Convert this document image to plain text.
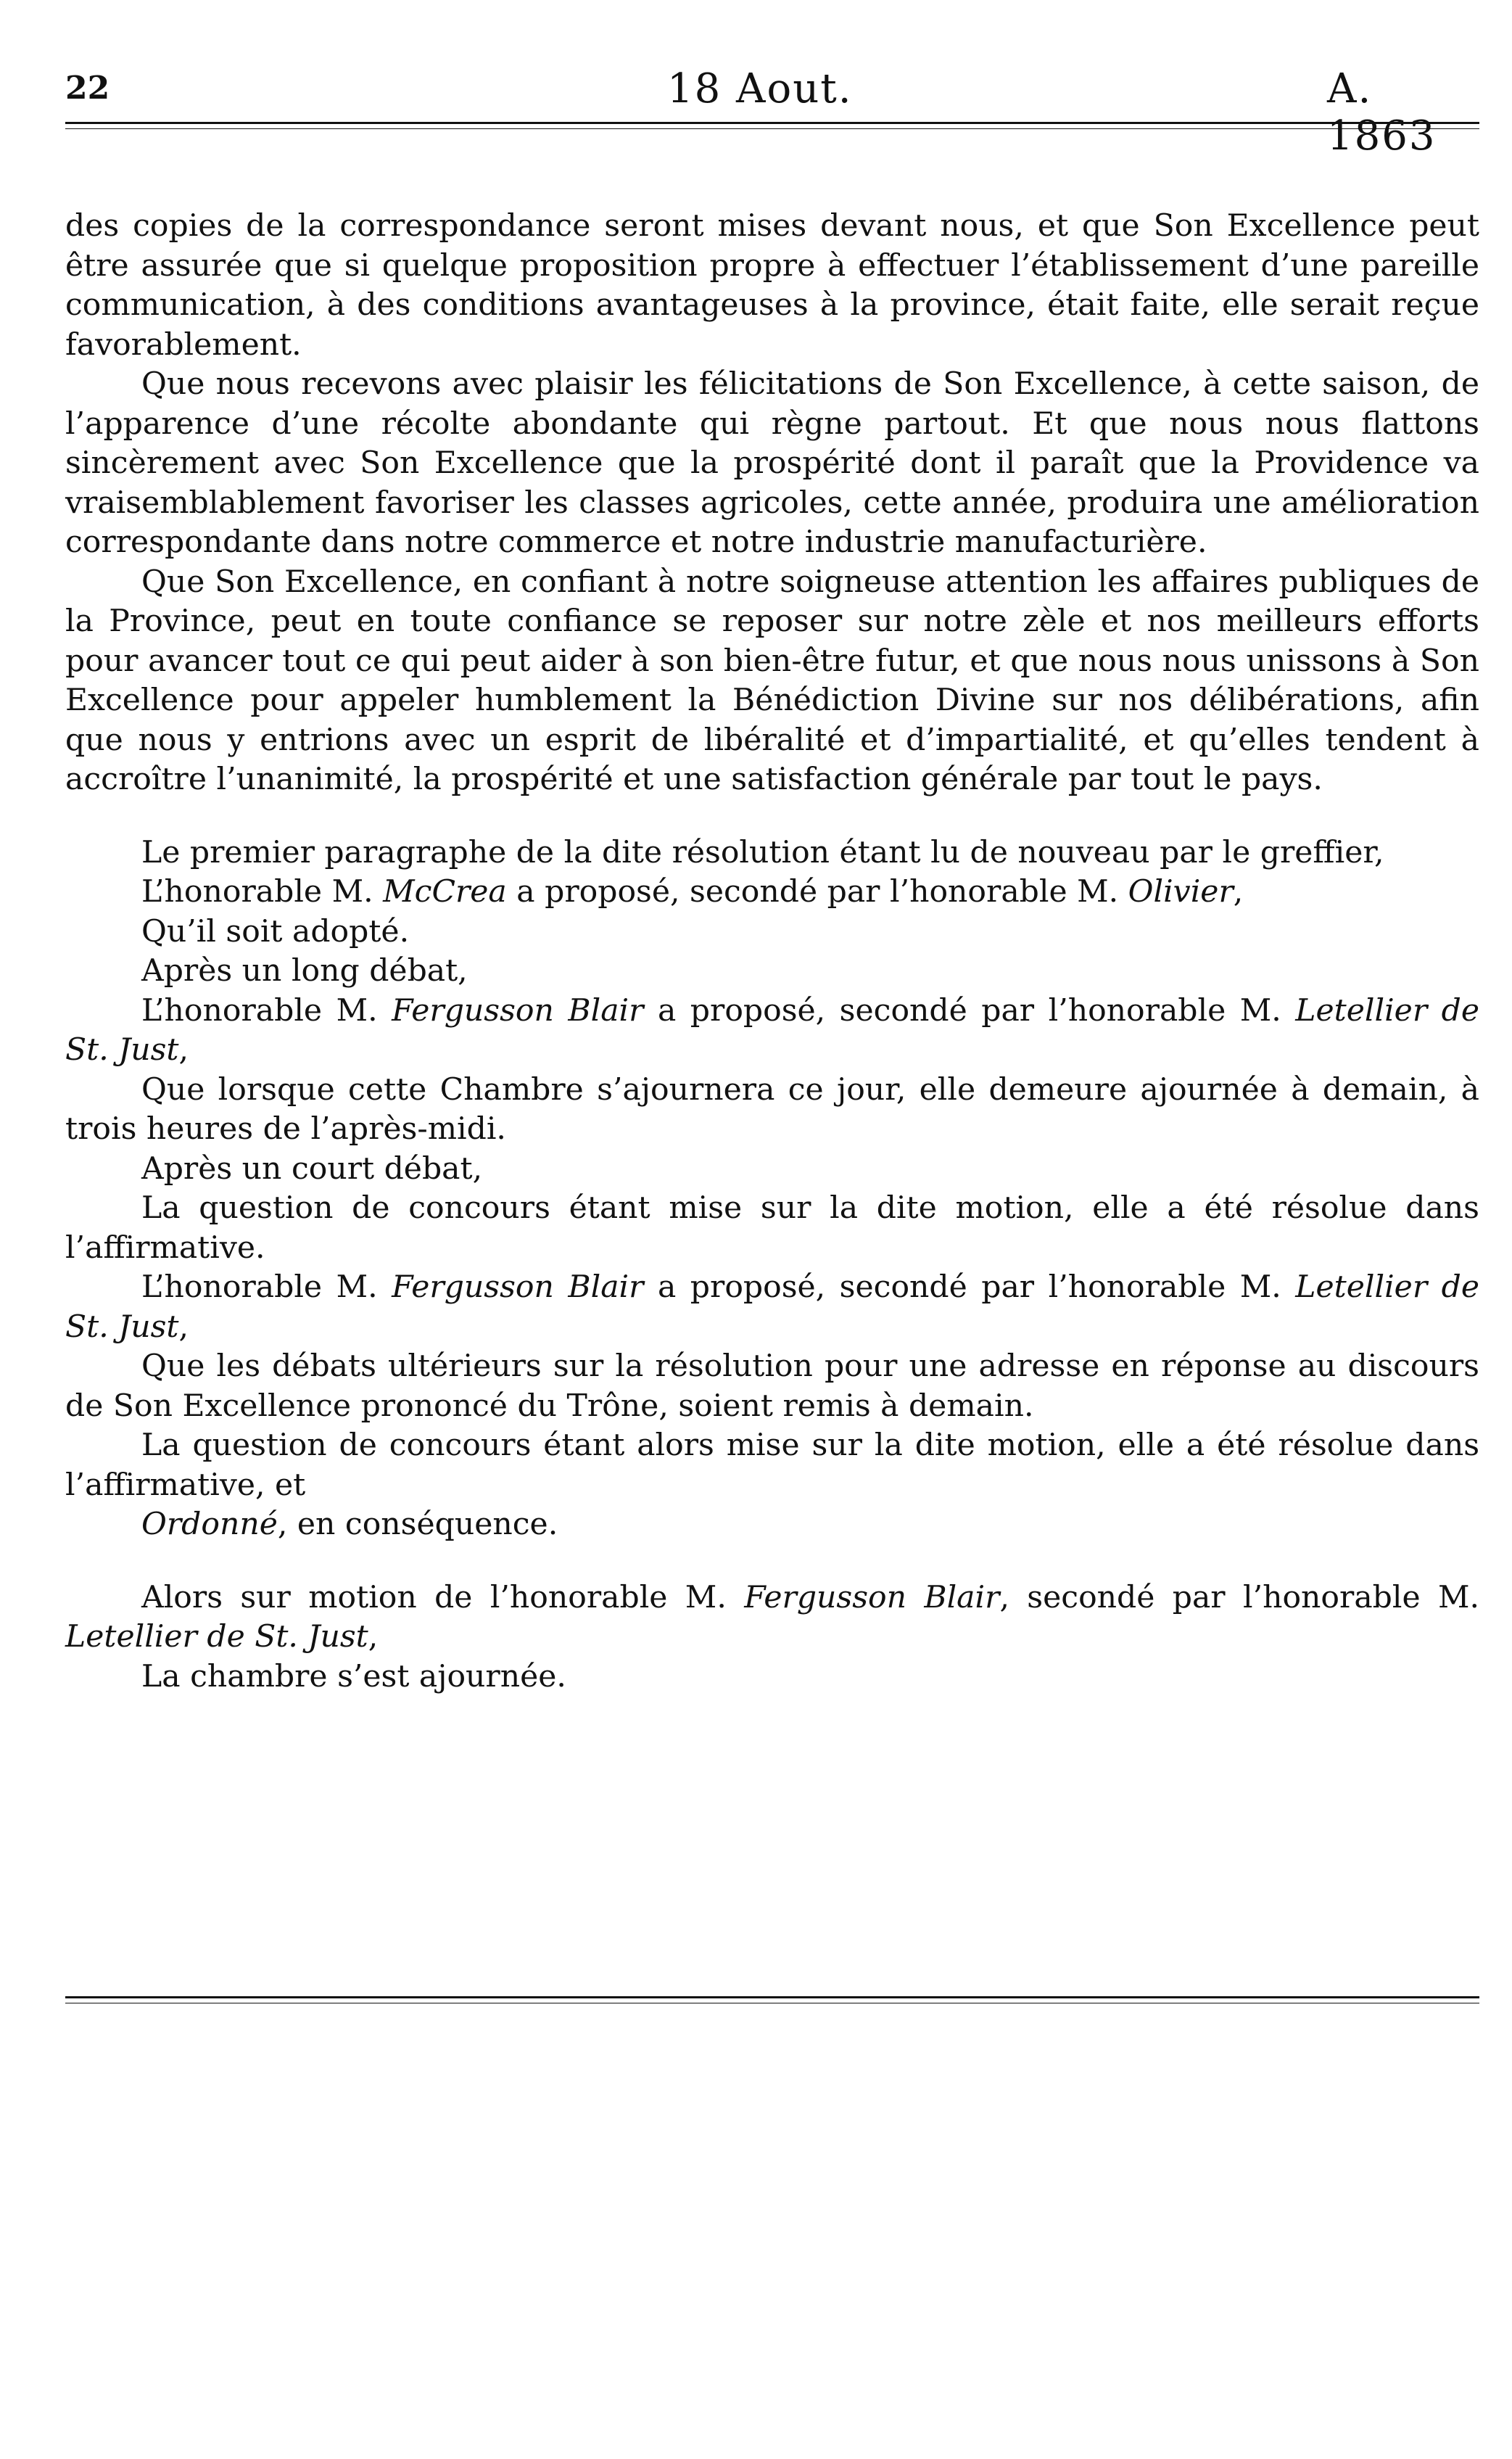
22	18 Aout.	A. 1863

des copies de la correspondance seront mises devant nous, et que Son Excellence peut être assurée que si quelque proposition propre à effectuer l’établissement d’une pareille communication, à des conditions avantageuses à la province, était faite, elle serait reçue favorablement.

Que nous recevons avec plaisir les félicitations de Son Excellence, à cette saison, de l’apparence d’une récolte abondante qui règne partout. Et que nous nous flattons sincèrement avec Son Excellence que la prospérité dont il paraît que la Providence va vraisemblablement favoriser les classes agricoles, cette année, produira une amélioration correspondante dans notre commerce et notre industrie manufacturière.

Que Son Excellence, en confiant à notre soigneuse attention les affaires publiques de la Province, peut en toute confiance se reposer sur notre zèle et nos meilleurs efforts pour avancer tout ce qui peut aider à son bien-être futur, et que nous nous unissons à Son Excellence pour appeler humblement la Bénédiction Divine sur nos délibérations, afin que nous y entrions avec un esprit de libéralité et d’impartialité, et qu’elles tendent à accroître l’unanimité, la prospérité et une satisfaction générale par tout le pays.

Le premier paragraphe de la dite résolution étant lu de nouveau par le greffier,

L’honorable M. McCrea a proposé, secondé par l’honorable M. Olivier,

Qu’il soit adopté.

Après un long débat,

L’honorable M. Fergusson Blair a proposé, secondé par l’honorable M. Letellier de St. Just,

Que lorsque cette Chambre s’ajournera ce jour, elle demeure ajournée à demain, à trois heures de l’après-midi.

Après un court débat,

La question de concours étant mise sur la dite motion, elle a été résolue dans l’affirmative.

L’honorable M. Fergusson Blair a proposé, secondé par l’honorable M. Letellier de St. Just,

Que les débats ultérieurs sur la résolution pour une adresse en réponse au discours de Son Excellence prononcé du Trône, soient remis à demain.

La question de concours étant alors mise sur la dite motion, elle a été résolue dans l’affirmative, et

Ordonné, en conséquence.

Alors sur motion de l’honorable M. Fergusson Blair, secondé par l’honorable M. Letellier de St. Just,

La chambre s’est ajournée.
